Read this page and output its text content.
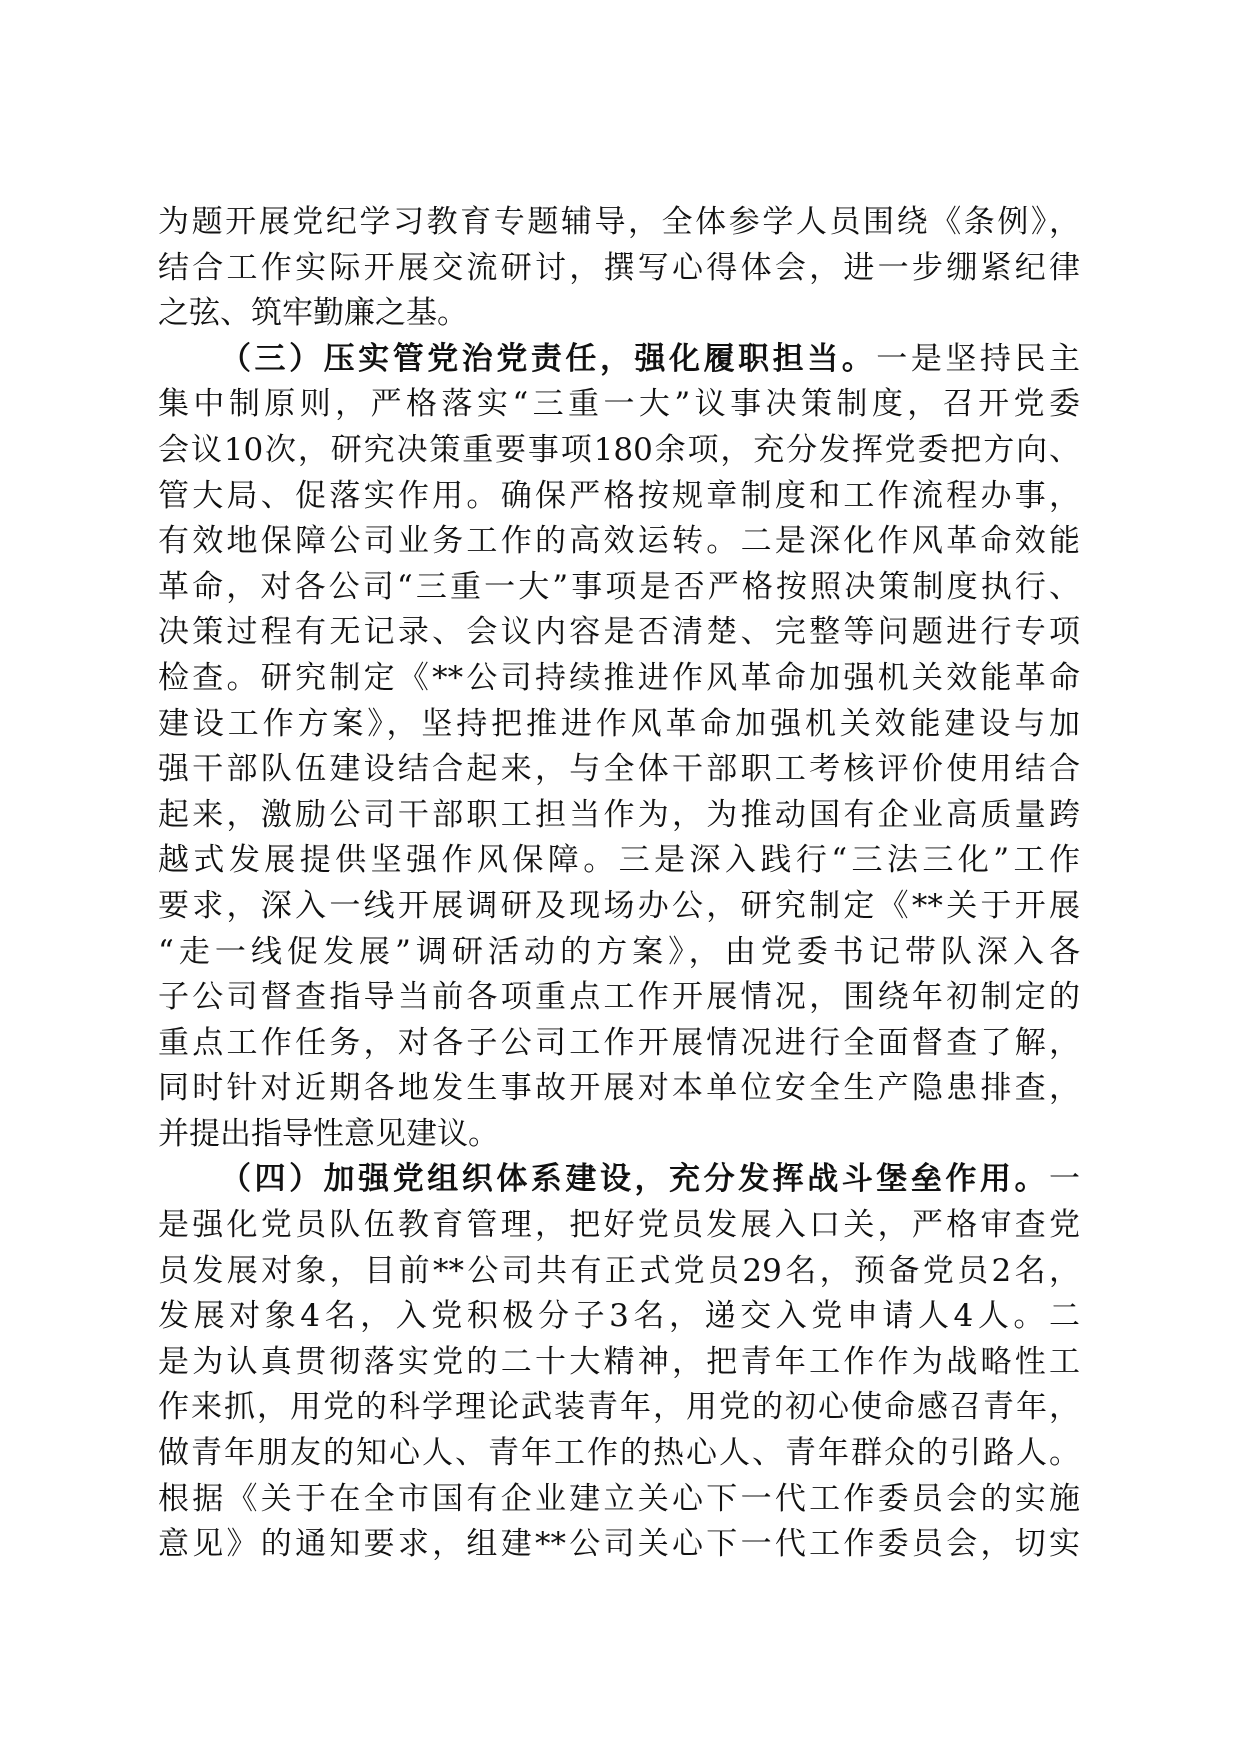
为题开展党纪学习教育专题辅导，全体参学人员围绕《条例》，
结合工作实际开展交流研讨，撰写心得体会，进一步绷紧纪律
之弦、筑牢勤廉之基。
（三）压实管党治党责任，强化履职担当。一是坚持民主
集中制原则，严格落实“三重一大”议事决策制度，召开党委
会议10次，研究决策重要事项180余项，充分发挥党委把方向、
管大局、促落实作用。确保严格按规章制度和工作流程办事，
有效地保障公司业务工作的高效运转。二是深化作风革命效能
革命，对各公司“三重一大”事项是否严格按照决策制度执行、
决策过程有无记录、会议内容是否清楚、完整等问题进行专项
检查。研究制定《**公司持续推进作风革命加强机关效能革命
建设工作方案》，坚持把推进作风革命加强机关效能建设与加
强干部队伍建设结合起来，与全体干部职工考核评价使用结合
起来，激励公司干部职工担当作为，为推动国有企业高质量跨
越式发展提供坚强作风保障。三是深入践行“三法三化”工作
要求，深入一线开展调研及现场办公，研究制定《**关于开展
“走一线促发展”调研活动的方案》，由党委书记带队深入各
子公司督查指导当前各项重点工作开展情况，围绕年初制定的
重点工作任务，对各子公司工作开展情况进行全面督查了解，
同时针对近期各地发生事故开展对本单位安全生产隐患排查，
并提出指导性意见建议。
（四）加强党组织体系建设，充分发挥战斗堡垒作用。一
是强化党员队伍教育管理，把好党员发展入口关，严格审查党
员发展对象，目前**公司共有正式党员29名，预备党员2名，
发展对象4名，入党积极分子3名，递交入党申请人4人。二
是为认真贯彻落实党的二十大精神，把青年工作作为战略性工
作来抓，用党的科学理论武装青年，用党的初心使命感召青年，
做青年朋友的知心人、青年工作的热心人、青年群众的引路人。
根据《关于在全市国有企业建立关心下一代工作委员会的实施
意见》的通知要求，组建**公司关心下一代工作委员会，切实
